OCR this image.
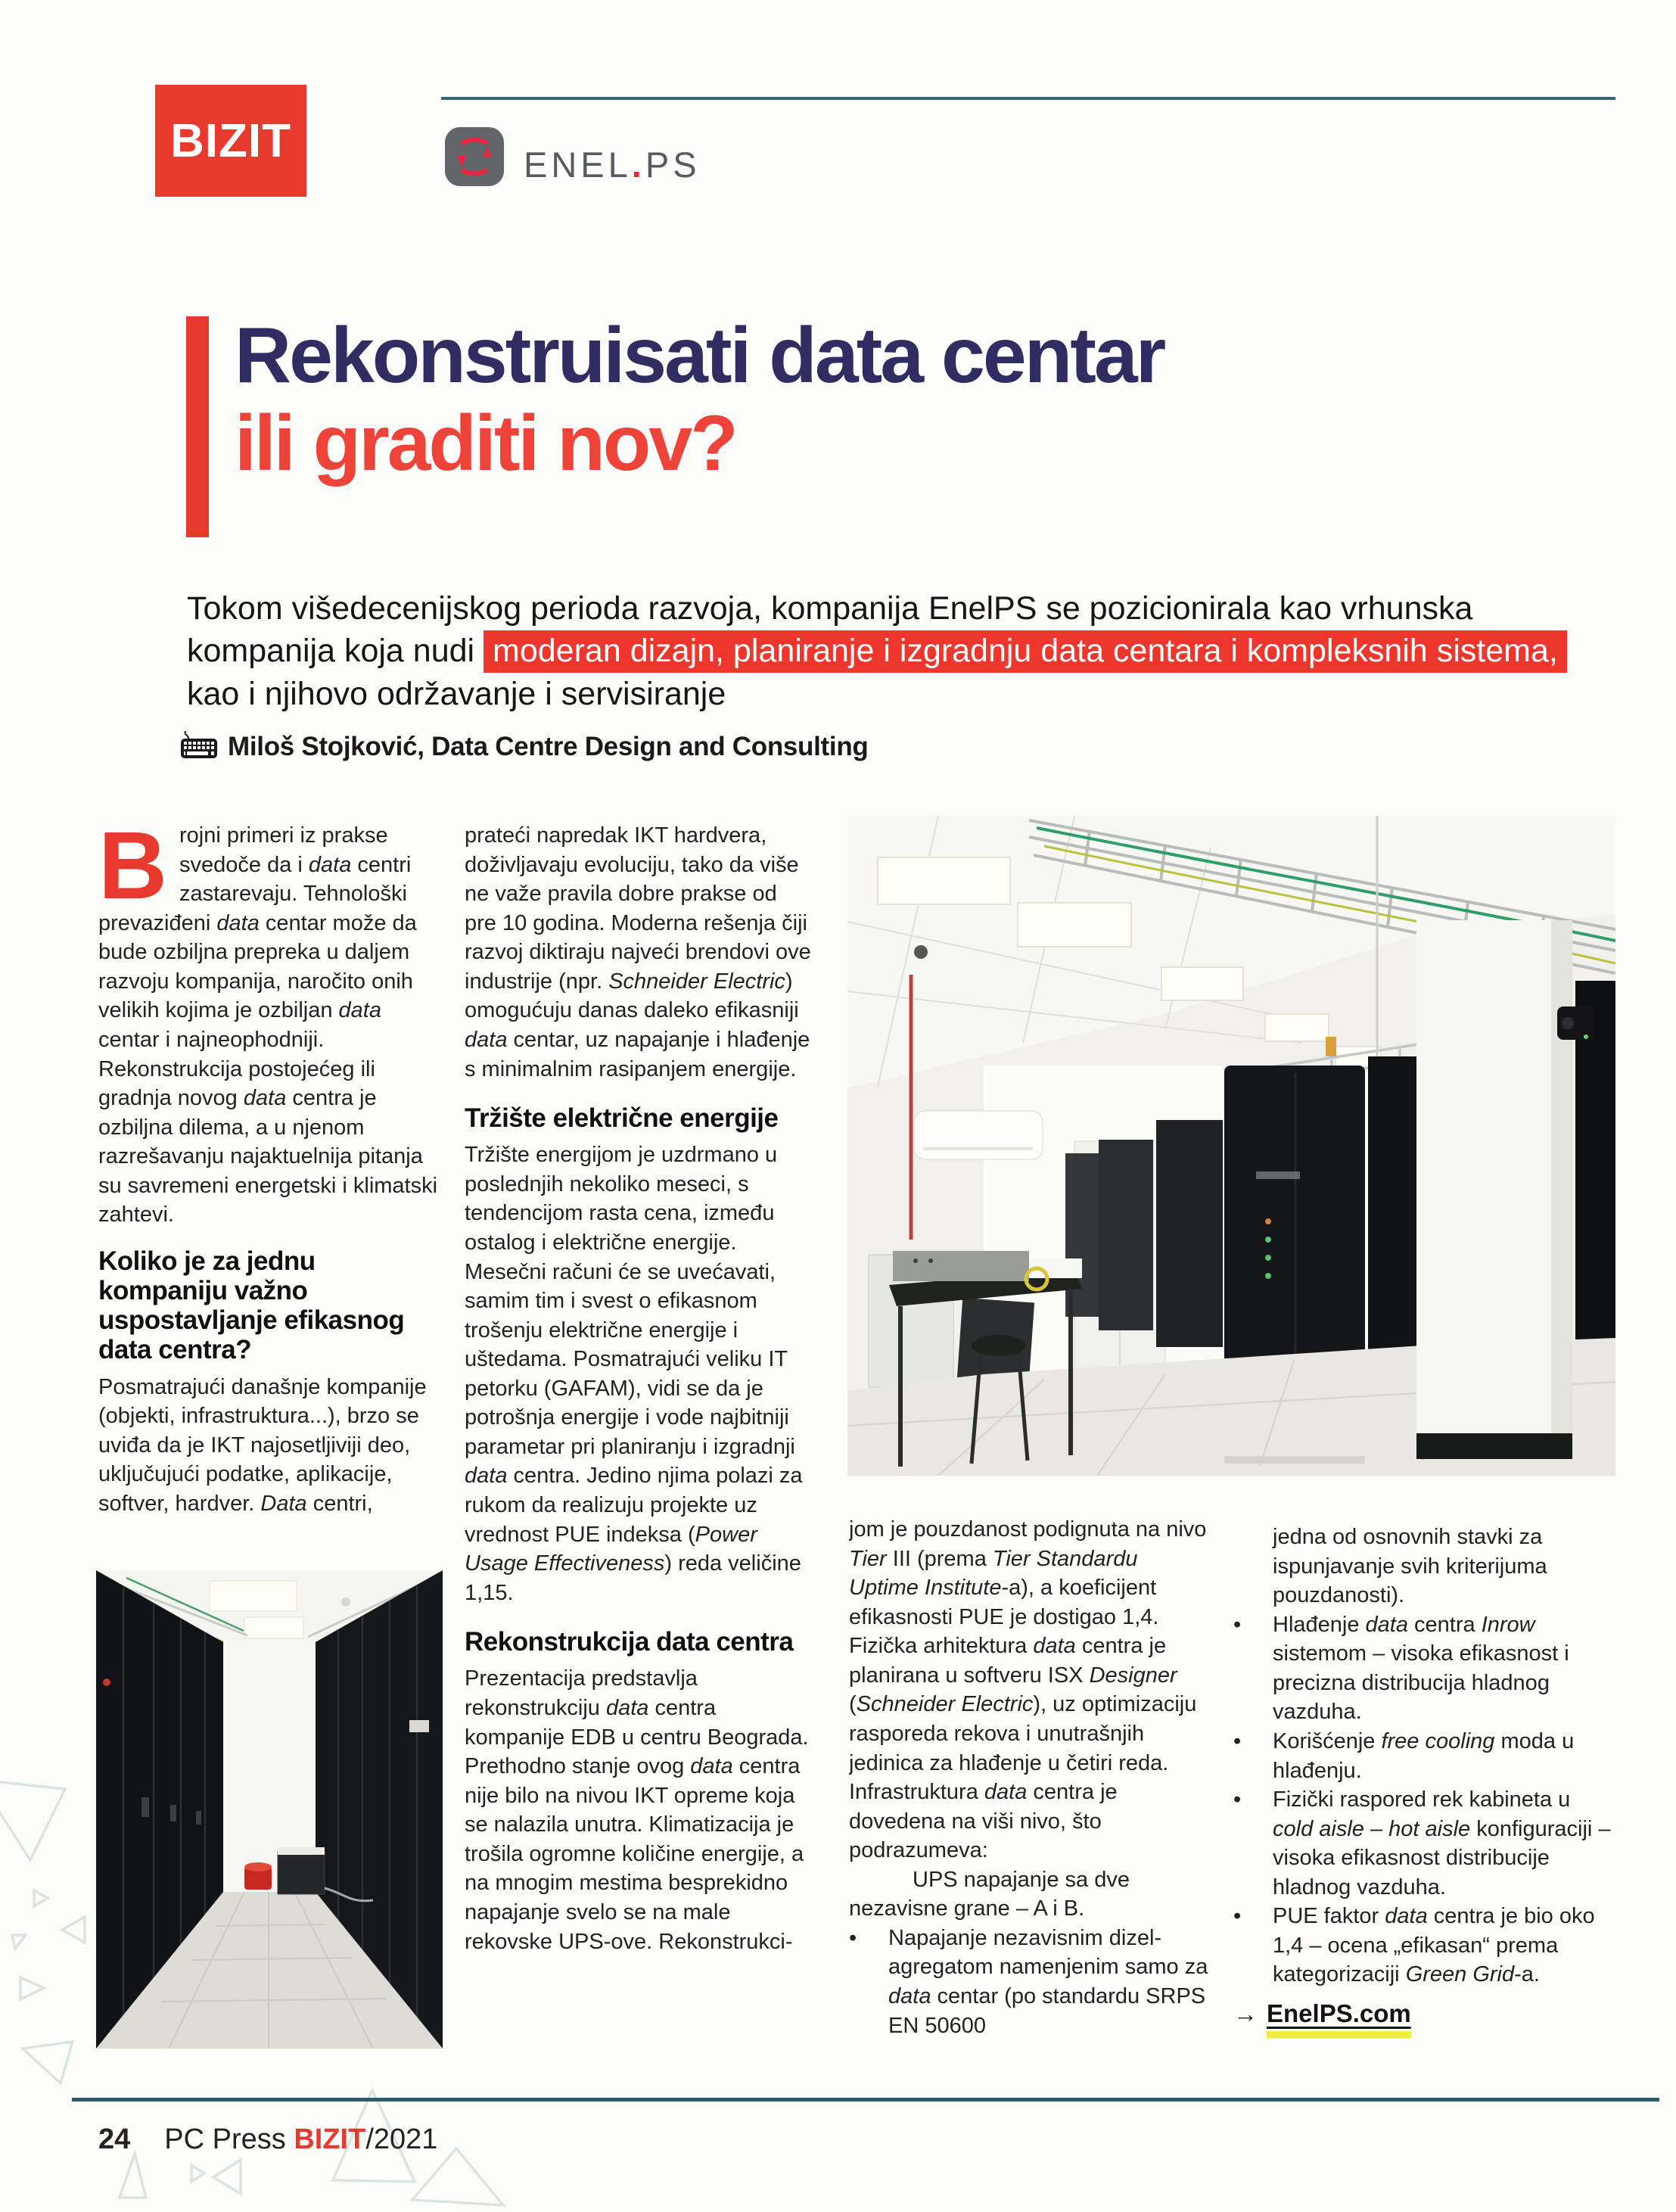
BIZIT	ENEL.PS
Rekonstruisati data centar
ili graditi nov?
Tokom višedecenijskog perioda razvoja, kompanija EnelPS se pozicionirala kao vrhunska kompanija koja nudi moderan dizajn, planiranje i izgradnju data centara i kompleksnih sistema, kao i njihovo održavanje i servisiranje
Miloš Stojković, Data Centre Design and Consulting

Brojni primeri iz prakse svedoče da i data centri zastarevaju. Tehnološki prevaziđeni data centar može da bude ozbiljna prepreka u daljem razvoju kompanija, naročito onih velikih kojima je ozbiljan data centar i najneophodniji. Rekonstrukcija postojećeg ili gradnja novog data centra je ozbiljna dilema, a u njenom razrešavanju najaktuelnija pitanja su savremeni energetski i klimatski zahtevi.

Koliko je za jednu kompaniju važno uspostavljanje efikasnog data centra?

Posmatrajući današnje kompanije (objekti, infrastruktura...), brzo se uviđa da je IKT najosetljiviji deo, uključujući podatke, aplikacije, softver, hardver. Data centri,

prateći napredak IKT hardvera, doživljavaju evoluciju, tako da više ne važe pravila dobre prakse od pre 10 godina. Moderna rešenja čiji razvoj diktiraju najveći brendovi ove industrije (npr. Schneider Electric) omogućuju danas daleko efikasniji data centar, uz napajanje i hlađenje s minimalnim rasipanjem energije.

Tržište električne energije

Tržište energijom je uzdrmano u poslednjih nekoliko meseci, s tendencijom rasta cena, između ostalog i električne energije. Mesečni računi će se uvećavati, samim tim i svest o efikasnom trošenju električne energije i uštedama. Posmatrajući veliku IT petorku (GAFAM), vidi se da je potrošnja energije i vode najbitniji parametar pri planiranju i izgradnji data centra. Jedino njima polazi za rukom da realizuju projekte uz vrednost PUE indeksa (Power Usage Effectiveness) reda veličine 1,15.

Rekonstrukcija data centra

Prezentacija predstavlja rekonstrukciju data centra kompanije EDB u centru Beograda. Prethodno stanje ovog data centra nije bilo na nivou IKT opreme koja se nalazila unutra. Klimatizacija je trošila ogromne količine energije, a na mnogim mestima besprekidno napajanje svelo se na male rekovske UPS-ove. Rekonstrukci-

jom je pouzdanost podignuta na nivo Tier III (prema Tier Standardu Uptime Institute-a), a koeficijent efikasnosti PUE je dostigao 1,4. Fizička arhitektura data centra je planirana u softveru ISX Designer (Schneider Electric), uz optimizaciju rasporeda rekova i unutrašnjih jedinica za hlađenje u četiri reda. Infrastruktura data centra je dovedena na viši nivo, što podrazumeva:

UPS napajanje sa dve nezavisne grane – A i B.

• Napajanje nezavisnim dizel-agregatom namenjenim samo za data centar (po standardu SRPS EN 50600

jedna od osnovnih stavki za ispunjavanje svih kriterijuma pouzdanosti).

• Hlađenje data centra Inrow sistemom – visoka efikasnost i precizna distribucija hladnog vazduha.

• Korišćenje free cooling moda u hlađenju.

• Fizički raspored rek kabineta u cold aisle – hot aisle konfiguraciji – visoka efikasnost distribucije hladnog vazduha.

• PUE faktor data centra je bio oko 1,4 – ocena „efikasan“ prema kategorizaciji Green Grid-a.

→ EnelPS.com
24 PC Press BIZIT/2021
